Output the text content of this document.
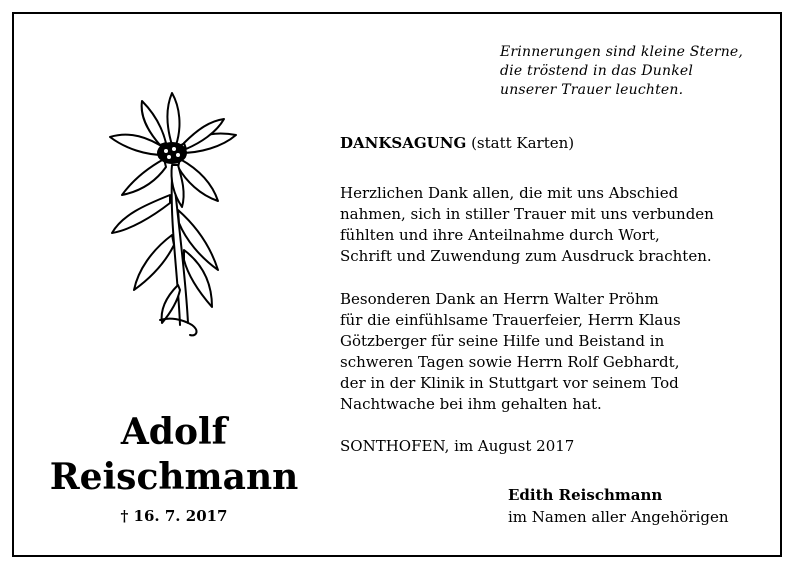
Erinnerungen sind kleine Sterne,
die tröstend in das Dunkel
unserer Trauer leuchten.
DANKSAGUNG (statt Karten)
Herzlichen Dank allen, die mit uns Abschied
nahmen, sich in stiller Trauer mit uns verbunden
fühlten und ihre Anteilnahme durch Wort,
Schrift und Zuwendung zum Ausdruck brachten.
Besonderen Dank an Herrn Walter Pröhm
für die einfühlsame Trauerfeier, Herrn Klaus
Götzberger für seine Hilfe und Beistand in
schweren Tagen sowie Herrn Rolf Gebhardt,
der in der Klinik in Stuttgart vor seinem Tod
Nachtwache bei ihm gehalten hat.
SONTHOFEN, im August 2017
Adolf
Reischmann
† 16. 7. 2017
Edith Reischmann
im Namen aller Angehörigen
